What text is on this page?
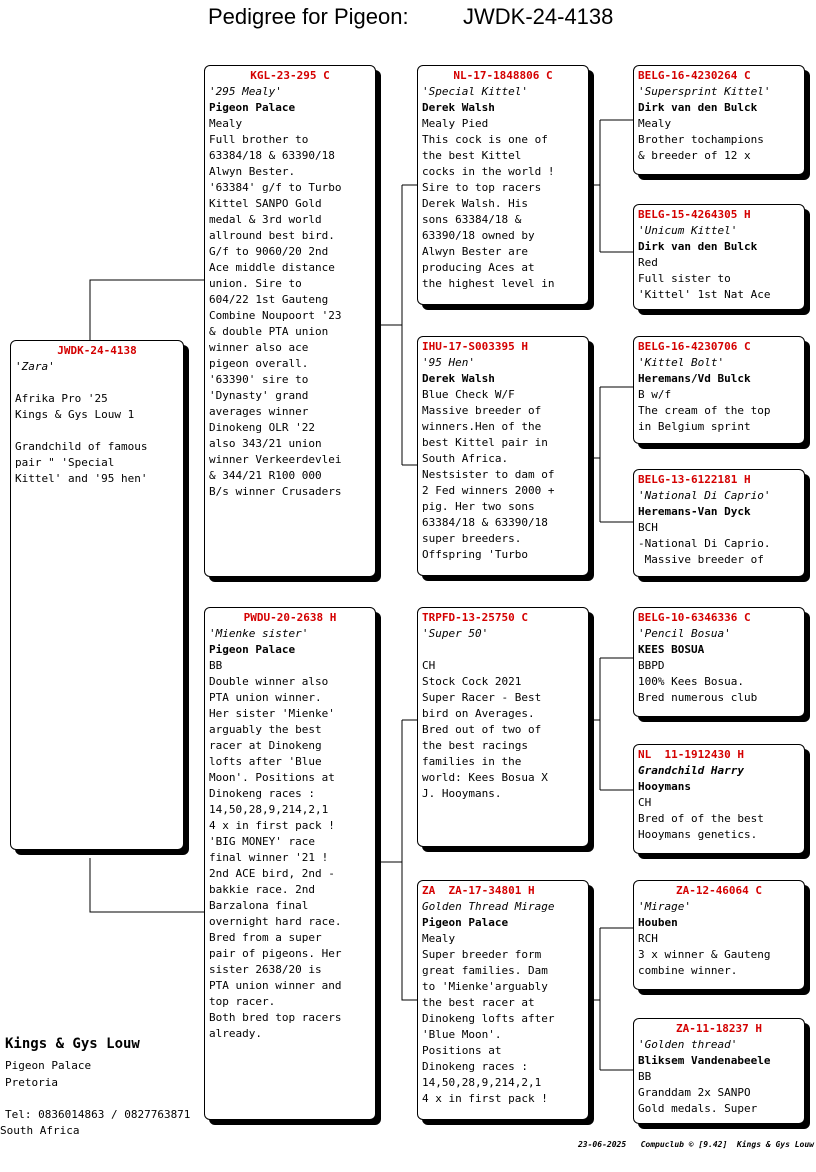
Pedigree for Pigeon: JWDK-24-4138
JWDK-24-4138
'Zara'

Afrika Pro '25
Kings & Gys Louw 1

Grandchild of famous
pair " 'Special
Kittel' and '95 hen'
KGL-23-295 C
'295 Mealy'
Pigeon Palace
Mealy
Full brother to
63384/18 & 63390/18
Alwyn Bester.
'63384' g/f to Turbo
Kittel SANPO Gold
medal & 3rd world
allround best bird.
G/f to 9060/20 2nd
Ace middle distance
union. Sire to
604/22 1st Gauteng
Combine Noupoort '23
& double PTA union
winner also ace
pigeon overall.
'63390' sire to
'Dynasty' grand
averages winner
Dinokeng OLR '22
also 343/21 union
winner Verkeerdevlei
& 344/21 R100 000
B/s winner Crusaders
PWDU-20-2638 H
'Mienke sister'
Pigeon Palace
BB
Double winner also
PTA union winner.
Her sister 'Mienke'
arguably the best
racer at Dinokeng
lofts after 'Blue
Moon'. Positions at
Dinokeng races :
14,50,28,9,214,2,1
4 x in first pack !
'BIG MONEY' race
final winner '21 !
2nd ACE bird, 2nd -
bakkie race. 2nd
Barzalona final
overnight hard race.
Bred from a super
pair of pigeons. Her
sister 2638/20 is
PTA union winner and
top racer.
Both bred top racers
already.
NL-17-1848806 C
'Special Kittel'
Derek Walsh
Mealy Pied
This cock is one of
the best Kittel
cocks in the world !
Sire to top racers
Derek Walsh. His
sons 63384/18 &
63390/18 owned by
Alwyn Bester are
producing Aces at
the highest level in
IHU-17-S003395 H
'95 Hen'
Derek Walsh
Blue Check W/F
Massive breeder of
winners.Hen of the
best Kittel pair in
South Africa.
Nestsister to dam of
2 Fed winners 2000 +
pig. Her two sons
63384/18 & 63390/18
super breeders.
Offspring 'Turbo
TRPFD-13-25750 C
'Super 50'
CH
Stock Cock 2021
Super Racer - Best
bird on Averages.
Bred out of two of
the best racings
families in the
world: Kees Bosua X
J. Hooymans.
ZA  ZA-17-34801 H
Golden Thread Mirage
Pigeon Palace
Mealy
Super breeder form
great families. Dam
to 'Mienke'arguably
the best racer at
Dinokeng lofts after
'Blue Moon'.
Positions at
Dinokeng races :
14,50,28,9,214,2,1
4 x in first pack !
BELG-16-4230264 C
'Supersprint Kittel'
Dirk van den Bulck
Mealy
Brother tochampions
& breeder of 12 x
BELG-15-4264305 H
'Unicum Kittel'
Dirk van den Bulck
Red
Full sister to
'Kittel' 1st Nat Ace
BELG-16-4230706 C
'Kittel Bolt'
Heremans/Vd Bulck
B w/f
The cream of the top
in Belgium sprint
BELG-13-6122181 H
'National Di Caprio'
Heremans-Van Dyck
BCH
-National Di Caprio.
Massive breeder of
BELG-10-6346336 C
'Pencil Bosua'
KEES BOSUA
BBPD
100% Kees Bosua.
Bred numerous club
NL  11-1912430 H
Grandchild Harry
Hooymans
CH
Bred of of the best
Hooymans genetics.
ZA-12-46064 C
'Mirage'
Houben
RCH
3 x winner & Gauteng
combine winner.
ZA-11-18237 H
'Golden thread'
Bliksem Vandenabeele
BB
Granddam 2x SANPO
Gold medals. Super
Kings & Gys Louw
Pigeon Palace
Pretoria
Tel: 0836014863 / 0827763871
South Africa
23-06-2025   Compuclub © [9.42]  Kings & Gys Louw
